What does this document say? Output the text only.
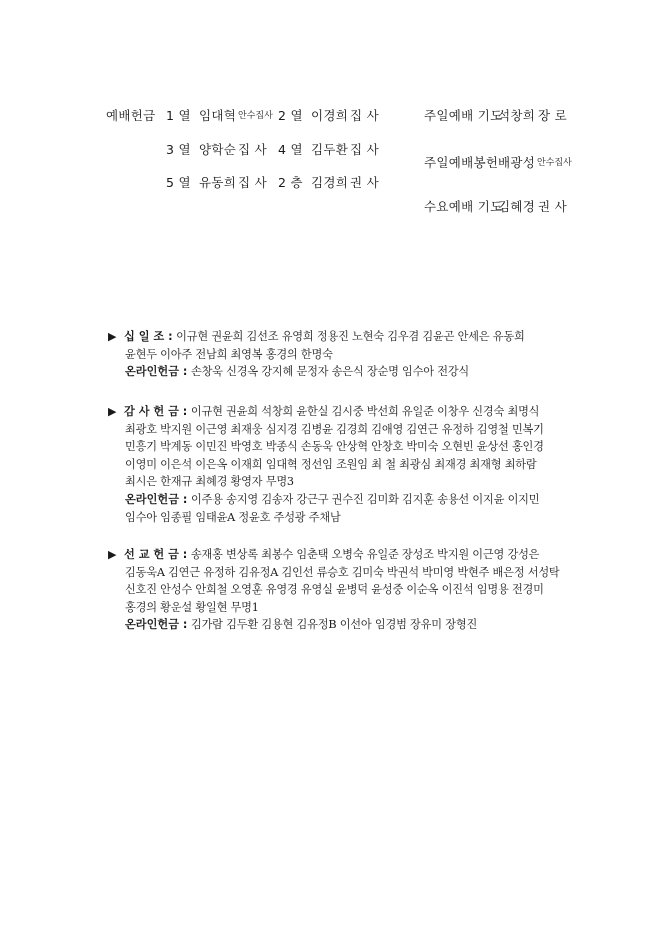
예배헌금 1 열 임대혁 안수집사 2 열 이경희 집 사
3 열 양학순 집 사 4 열 김두환 집 사
5 열 유동희 집 사 2 층 김경희 권 사
주일예배 기도
석창희 장 로
주일예배봉헌 배광성 안수집사
수요예배 기도
김혜경 권 사
▶ 십 일 조 : 이규현 권윤희 김선조 유영희 정용진 노현숙 김우겸 김윤곤 안세은 유동희
윤현두 이아주 전남희 최영복 홍경의 한명숙
온라인헌금 : 손창욱 신경옥 강지혜 문정자 송은식 장순명 임수아 전강식
▶ 감 사 헌 금 : 이규현 권윤희 석창희 윤한실 김시중 박선희 유일준 이창우 신경숙 최명식
최광호 박지원 이근영 최재웅 심지경 김병윤 김경희 김애영 김연근 유정하 김영철 민복기
민흥기 박계동 이민진 박영호 박종식 손동욱 안상혁 안창호 박미숙 오현빈 윤상선 홍인경
이영미 이은석 이은옥 이재희 임대혁 정선임 조원임 최 철 최광심 최재경 최재형 최하람
최시은 한재규 최혜경 황영자 무명3
온라인헌금 : 이주용 송지영 김송자 강근구 권수진 김미화 김지훈 송용선 이지윤 이지민
임수아 임종필 임태윤A 정윤호 주성광 주채남
▶ 선 교 헌 금 : 송재홍 변상록 최봉수 임춘택 오병숙 유일준 장성조 박지원 이근영 강성은
김동욱A 김연근 유정하 김유정A 김인선 류승호 김미숙 박권석 박미영 박현주 배은정 서성탁
신호진 안성수 안희철 오영훈 유영경 유영실 윤병덕 윤성중 이순옥 이진석 임명용 전경미
홍경의 황운설 황일현 무명1
온라인헌금 : 김가람 김두환 김용현 김유정B 이선아 임경범 장유미 장형진
